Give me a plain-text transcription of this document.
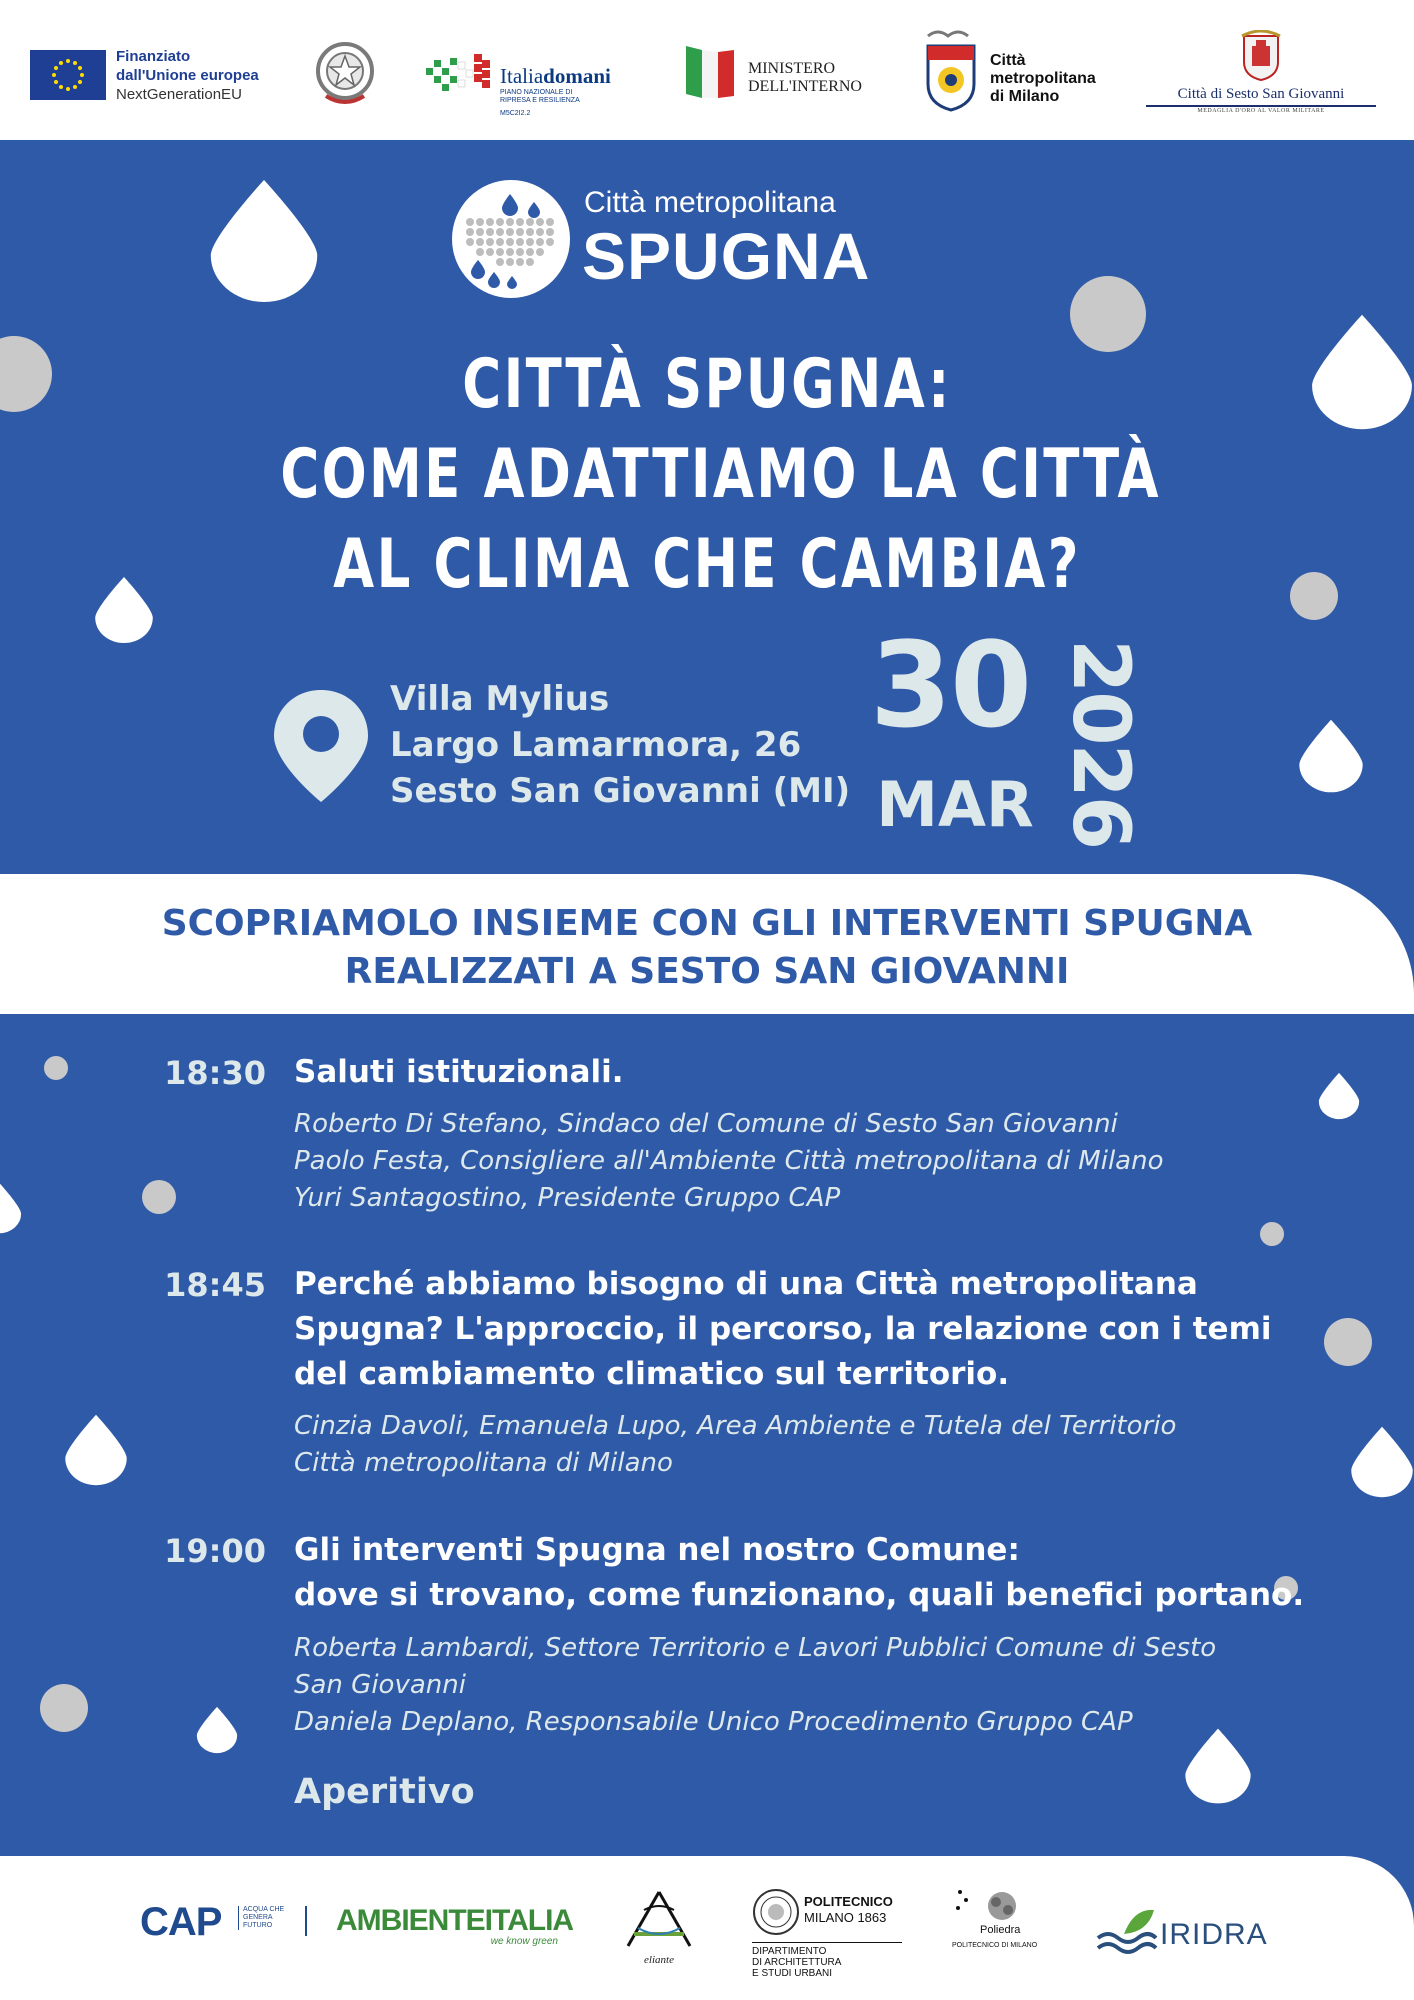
Finanziato
dall'Unione europea
NextGenerationEU
Italiadomani
PIANO NAZIONALE DI RIPRESA E RESILIENZA
M5C2I2.2
MINISTERO
DELL'INTERNO
Città
metropolitana
di Milano	Città di Sesto San Giovanni
MEDAGLIA D'ORO AL VALOR MILITARE
Città metropolitana
SPUGNA
CITTÀ SPUGNA:
COME ADATTIAMO LA CITTÀ
AL CLIMA CHE CAMBIA?
Villa Mylius
Largo Lamarmora, 26
Sesto San Giovanni (MI)
30
MAR 2026
SCOPRIAMOLO INSIEME CON GLI INTERVENTI SPUGNA
REALIZZATI A SESTO SAN GIOVANNI
18:30 Saluti istituzionali.
Roberto Di Stefano, Sindaco del Comune di Sesto San Giovanni
Paolo Festa, Consigliere all'Ambiente Città metropolitana di Milano
Yuri Santagostino, Presidente Gruppo CAP
18:45 Perché abbiamo bisogno di una Città metropolitana
Spugna? L'approccio, il percorso, la relazione con i temi
del cambiamento climatico sul territorio.
Cinzia Davoli, Emanuela Lupo, Area Ambiente e Tutela del Territorio
Città metropolitana di Milano
19:00 Gli interventi Spugna nel nostro Comune:
dove si trovano, come funzionano, quali benefici portano.
Roberta Lambardi, Settore Territorio e Lavori Pubblici Comune di Sesto
San Giovanni
Daniela Deplano, Responsabile Unico Procedimento Gruppo CAP
Aperitivo
CAP	ACQUA CHE GENERA FUTURO	AMBIENTEITALIA
we know green
eliante
POLITECNICO
MILANO 1863
DIPARTIMENTO
DI ARCHITETTURA
E STUDI URBANI
Poliedra
POLITECNICO DI MILANO	IRIDRA
